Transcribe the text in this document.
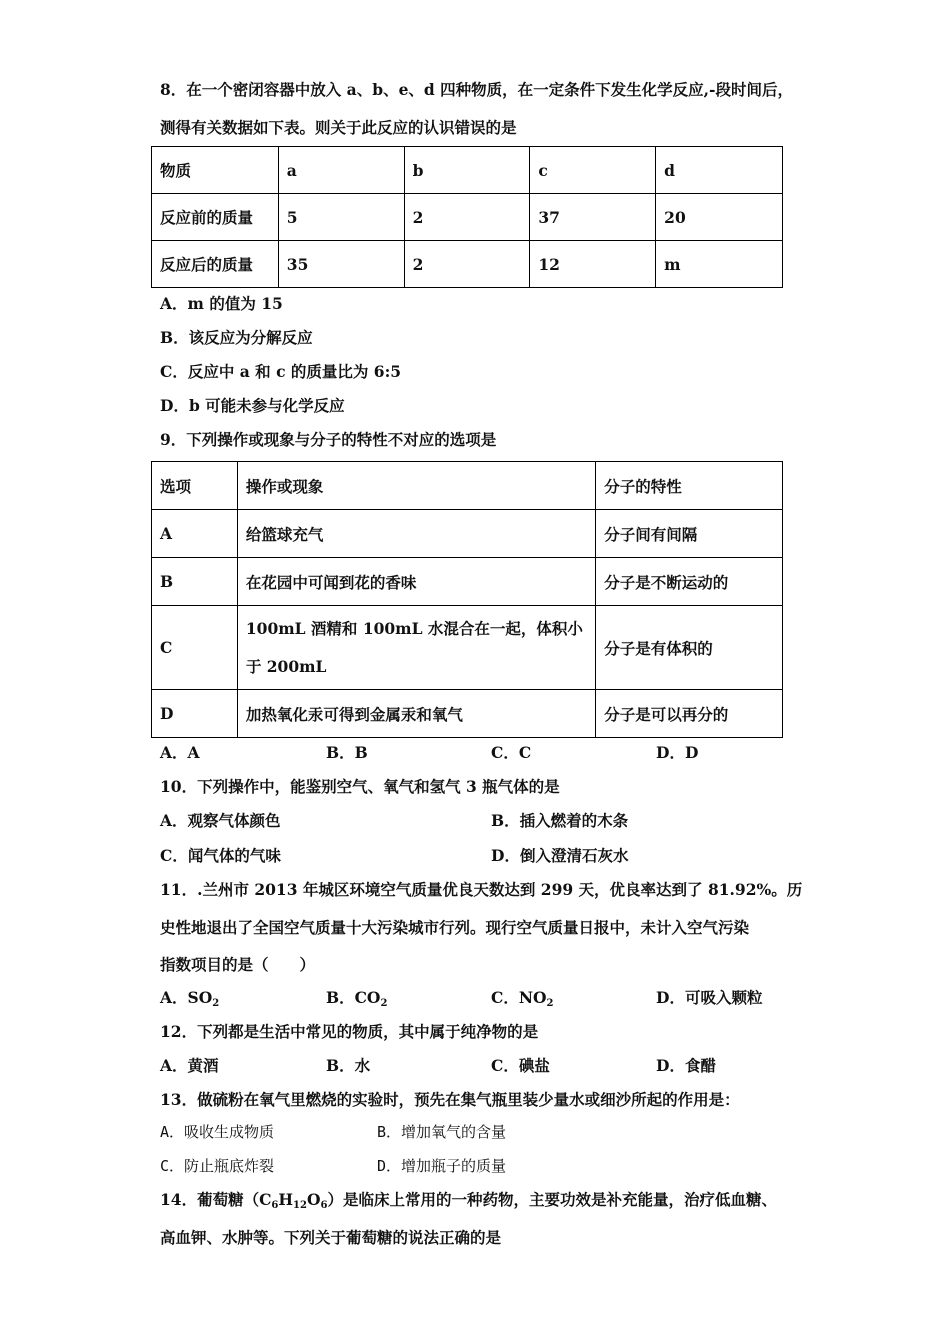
8．在一个密闭容器中放入 a、b、e、d 四种物质，在一定条件下发生化学反应,-段时间后，
测得有关数据如下表。则关于此反应的认识错误的是
物质	a	b	c	d
反应前的质量	5	2	37	20
反应后的质量	35	2	12	m
A．m 的值为 15
B．该反应为分解反应
C．反应中 a 和 c 的质量比为 6:5
D．b 可能未参与化学反应
9．下列操作或现象与分子的特性不对应的选项是
选项	操作或现象	分子的特性
A	给篮球充气	分子间有间隔
B	在花园中可闻到花的香味	分子是不断运动的
C	100mL 酒精和 100mL 水混合在一起，体积小
于 200mL	分子是有体积的
D	加热氧化汞可得到金属汞和氧气	分子是可以再分的
A．A	B．B	C．C	D．D
10．下列操作中，能鉴别空气、氧气和氢气 3 瓶气体的是
A．观察气体颜色	B．插入燃着的木条
C．闻气体的气味	D．倒入澄清石灰水
11．.兰州市 2013 年城区环境空气质量优良天数达到 299 天，优良率达到了 81.92%。历
史性地退出了全国空气质量十大污染城市行列。现行空气质量日报中，未计入空气污染
指数项目的是（　　）
A．$SO_2$	B．$CO_2$	C．$NO_2$	D．可吸入颗粒
12．下列都是生活中常见的物质，其中属于纯净物的是
A．黄酒	B．水	C．碘盐	D．食醋
13．做硫粉在氧气里燃烧的实验时，预先在集气瓶里装少量水或细沙所起的作用是：
A．吸收生成物质	B．增加氧气的含量
C．防止瓶底炸裂	D．增加瓶子的质量
14．葡萄糖$(C_6H_{12}O_6)$是临床上常用的一种药物，主要功效是补充能量，治疗低血糖、
高血钾、水肿等。下列关于葡萄糖的说法正确的是
